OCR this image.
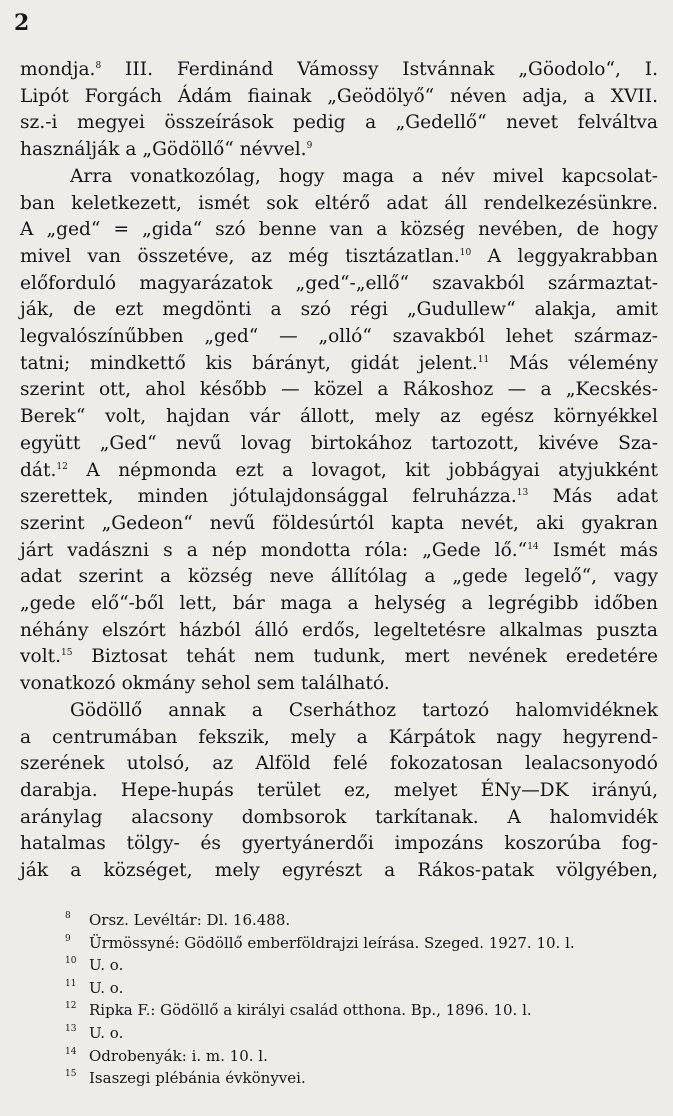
2

mondja.$^8$ III. Ferdinánd Vámossy Istvánnak „Göodolo“, I.

Lipót Forgách Ádám fiainak „Geödölyő“ néven adja, a XVII.

sz.-i megyei összeírások pedig a „Gedellő“ nevet felváltva

használják a „Gödöllő“ névvel.$^9$

Arra vonatkozólag, hogy maga a név mivel kapcsolat-

ban keletkezett, ismét sok eltérő adat áll rendelkezésünkre.

A „ged“ = „gida“ szó benne van a község nevében, de hogy

mivel van összetéve, az még tisztázatlan.$^{10}$ A leggyakrabban

előforduló magyarázatok „ged“-„ellő“ szavakból származtat-

ják, de ezt megdönti a szó régi „Gudullew“ alakja, amit

legvalószínűbben „ged“ — „olló“ szavakból lehet származ-

tatni; mindkettő kis bárányt, gidát jelent.$^{11}$ Más vélemény

szerint ott, ahol később — közel a Rákoshoz — a „Kecskés-

Berek“ volt, hajdan vár állott, mely az egész környékkel

együtt „Ged“ nevű lovag birtokához tartozott, kivéve Sza-

dát.$^{12}$ A népmonda ezt a lovagot, kit jobbágyai atyjukként

szerettek, minden jótulajdonsággal felruházza.$^{13}$ Más adat

szerint „Gedeon“ nevű földesúrtól kapta nevét, aki gyakran

járt vadászni s a nép mondotta róla: „Gede lő.“$^{14}$ Ismét más

adat szerint a község neve állítólag a „gede legelő“, vagy

„gede elő“-ből lett, bár maga a helység a legrégibb időben

néhány elszórt házból álló erdős, legeltetésre alkalmas puszta

volt.$^{15}$ Biztosat tehát nem tudunk, mert nevének eredetére

vonatkozó okmány sehol sem található.

Gödöllő annak a Cserháthoz tartozó halomvidéknek

a centrumában fekszik, mely a Kárpátok nagy hegyrend-

szerének utolsó, az Alföld felé fokozatosan lealacsonyodó

darabja. Hepe-hupás terület ez, melyet ÉNy—DK irányú,

aránylag alacsony dombsorok tarkítanak. A halomvidék

hatalmas tölgy- és gyertyánerdői impozáns koszorúba fog-

ják a községet, mely egyrészt a Rákos-patak völgyében,

8	Orsz. Levéltár: Dl. 16.488.
9	Ürmössyné: Gödöllő emberföldrajzi leírása. Szeged. 1927. 10. l.
10 U. o.
11 U. o.
12 Ripka F.: Gödöllő a királyi család otthona. Bp., 1896. 10. l.
13 U. o.
14 Odrobenyák: i. m. 10. l.
15 Isaszegi plébánia évkönyvei.
